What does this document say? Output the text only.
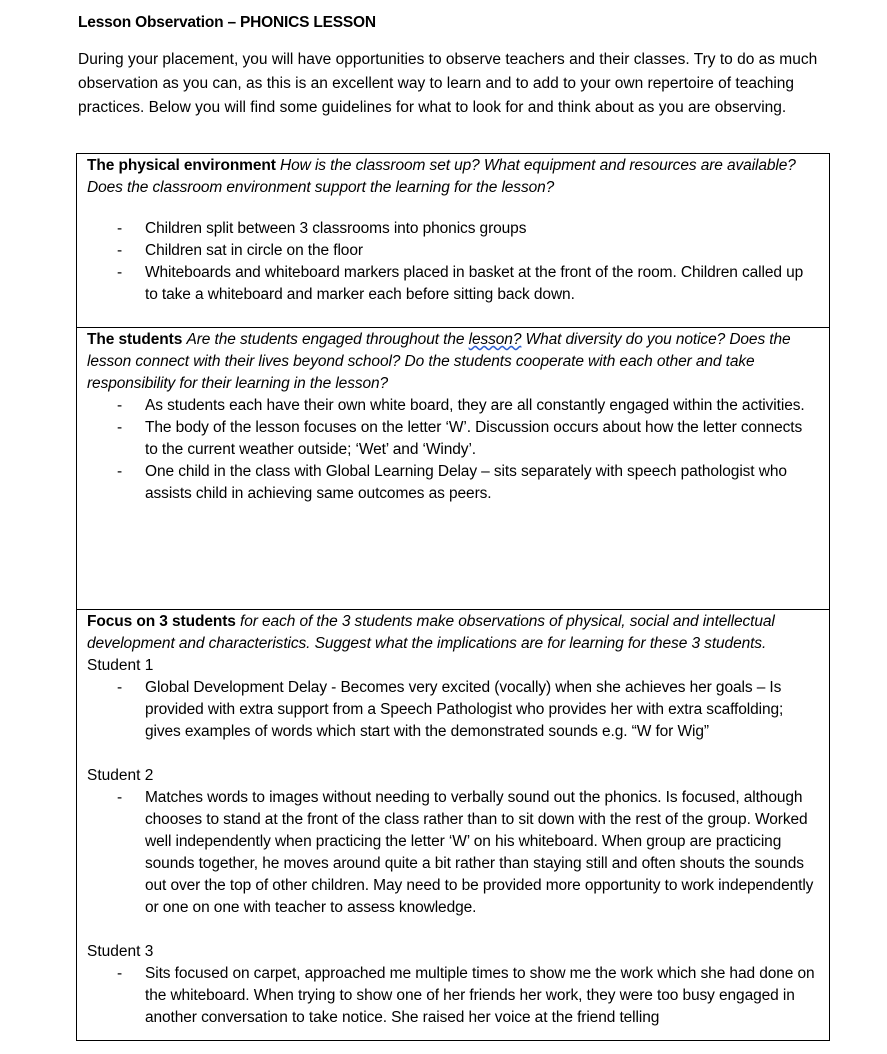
Lesson Observation – PHONICS LESSON
During your placement, you will have opportunities to observe teachers and their classes. Try to do as much observation as you can, as this is an excellent way to learn and to add to your own repertoire of teaching practices. Below you will find some guidelines for what to look for and think about as you are observing.
The physical environment How is the classroom set up? What equipment and resources are available? Does the classroom environment support the learning for the lesson?
- Children split between 3 classrooms into phonics groups
- Children sat in circle on the floor
- Whiteboards and whiteboard markers placed in basket at the front of the room. Children called up to take a whiteboard and marker each before sitting back down.
The students Are the students engaged throughout the lesson? What diversity do you notice? Does the lesson connect with their lives beyond school? Do the students cooperate with each other and take responsibility for their learning in the lesson?
- As students each have their own white board, they are all constantly engaged within the activities.
- The body of the lesson focuses on the letter ‘W’. Discussion occurs about how the letter connects to the current weather outside; ‘Wet’ and ‘Windy’.
- One child in the class with Global Learning Delay – sits separately with speech pathologist who assists child in achieving same outcomes as peers.
Focus on 3 students for each of the 3 students make observations of physical, social and intellectual development and characteristics. Suggest what the implications are for learning for these 3 students.
Student 1
- Global Development Delay - Becomes very excited (vocally) when she achieves her goals – Is provided with extra support from a Speech Pathologist who provides her with extra scaffolding; gives examples of words which start with the demonstrated sounds e.g. “W for Wig”
Student 2
- Matches words to images without needing to verbally sound out the phonics. Is focused, although chooses to stand at the front of the class rather than to sit down with the rest of the group. Worked well independently when practicing the letter ‘W’ on his whiteboard. When group are practicing sounds together, he moves around quite a bit rather than staying still and often shouts the sounds out over the top of other children. May need to be provided more opportunity to work independently or one on one with teacher to assess knowledge.
Student 3
- Sits focused on carpet, approached me multiple times to show me the work which she had done on the whiteboard. When trying to show one of her friends her work, they were too busy engaged in another conversation to take notice. She raised her voice at the friend telling
